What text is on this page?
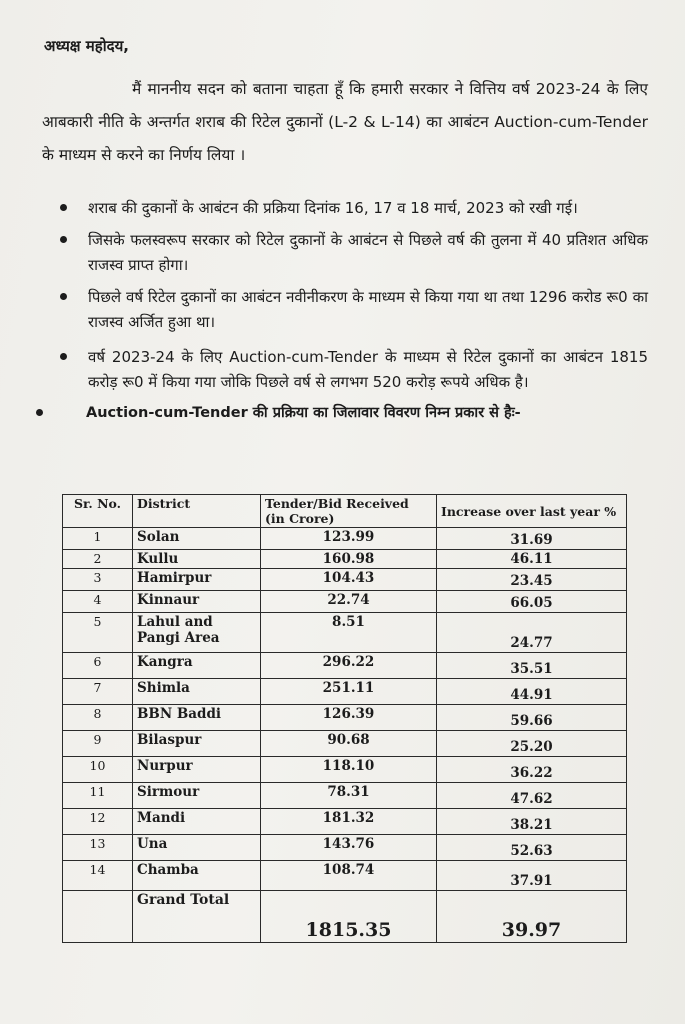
अध्यक्ष महोदय,
मैं माननीय सदन को बताना चाहता हूँ कि हमारी सरकार ने वित्तिय वर्ष 2023-24 के लिए आबकारी नीति के अन्तर्गत शराब की रिटेल दुकानों (L-2 & L-14) का आबंटन Auction-cum-Tender के माध्यम से करने का निर्णय लिया ।
शराब की दुकानों के आबंटन की प्रक्रिया दिनांक 16, 17 व 18 मार्च, 2023 को रखी गई।
जिसके फलस्वरूप सरकार को रिटेल दुकानों के आबंटन से पिछले वर्ष की तुलना में 40 प्रतिशत अधिक राजस्व प्राप्त होगा।
पिछले वर्ष रिटेल दुकानों का आबंटन नवीनीकरण के माध्यम से किया गया था तथा 1296 करोड रू0 का राजस्व अर्जित हुआ था।
वर्ष 2023-24 के लिए Auction-cum-Tender के माध्यम से रिटेल दुकानों का आबंटन 1815 करोड़ रू0 में किया गया जोकि पिछले वर्ष से लगभग 520 करोड़ रूपये अधिक है।
Auction-cum-Tender की प्रक्रिया का जिलावार विवरण निम्न प्रकार से हैः-
Sr. No.	District	Tender/Bid Received (in Crore)	Increase over last year %
1	Solan	123.99	31.69
2	Kullu	160.98	46.11
3	Hamirpur	104.43	23.45
4	Kinnaur	22.74	66.05
5	Lahul and Pangi Area	8.51	24.77
6	Kangra	296.22	35.51
7	Shimla	251.11	44.91
8	BBN Baddi	126.39	59.66
9	Bilaspur	90.68	25.20
10	Nurpur	118.10	36.22
11	Sirmour	78.31	47.62
12	Mandi	181.32	38.21
13	Una	143.76	52.63
14	Chamba	108.74	37.91
	Grand Total	1815.35	39.97
